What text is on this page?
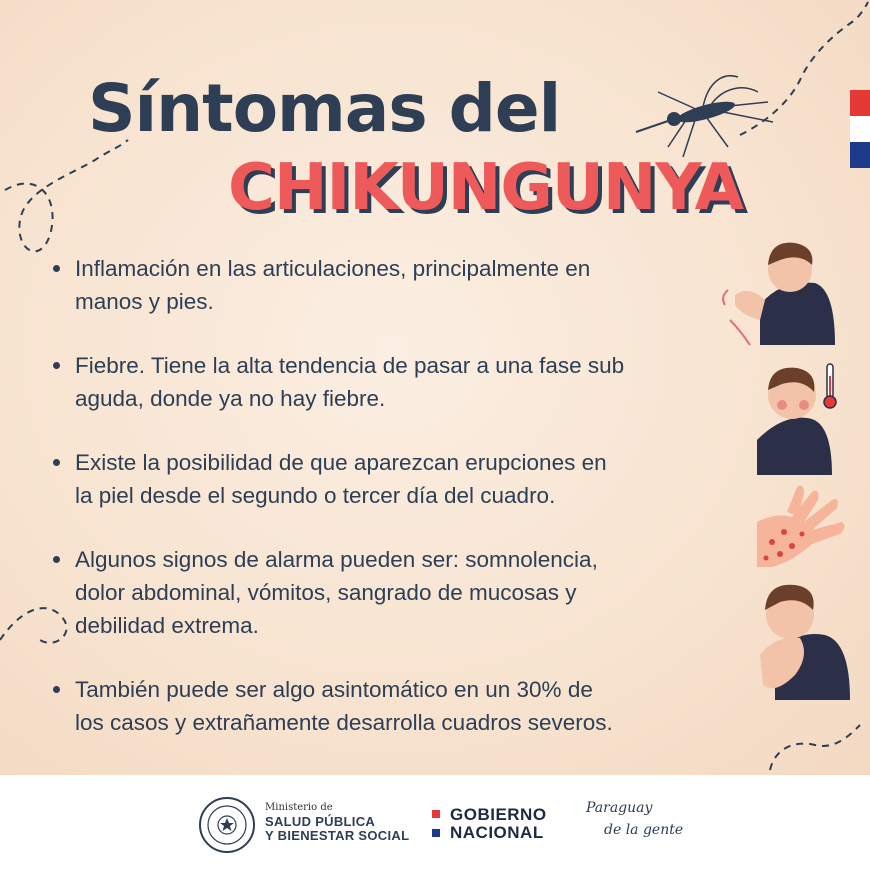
Síntomas del
CHIKUNGUNYA
Inflamación en las articulaciones, principalmente en
manos y pies.
Fiebre. Tiene la alta tendencia de pasar a una fase sub
aguda, donde ya no hay fiebre.
Existe la posibilidad de que aparezcan erupciones en
la piel desde el segundo o tercer día del cuadro.
Algunos signos de alarma pueden ser: somnolencia,
dolor abdominal, vómitos, sangrado de mucosas y
debilidad extrema.
También puede ser algo asintomático en un 30% de
los casos y extrañamente desarrolla cuadros severos.
Ministerio de
SALUD PÚBLICA
Y BIENESTAR SOCIAL
GOBIERNO
NACIONAL
Paraguay
de la gente
